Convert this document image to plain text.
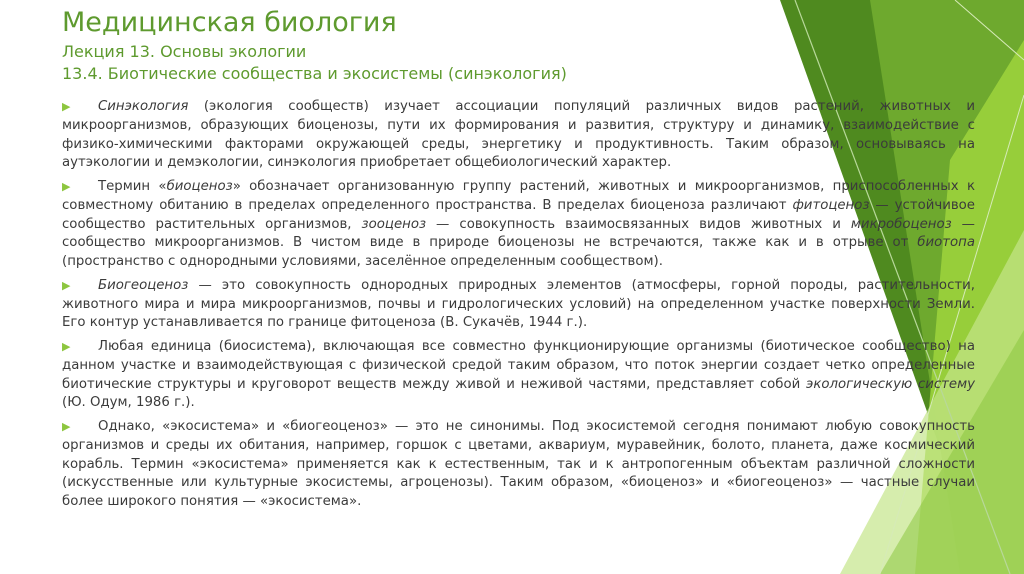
Медицинская биология
Лекция 13. Основы экологии
13.4. Биотические сообщества и экосистемы (синэкология)

▶ Синэкология (экология сообществ) изучает ассоциации популяций различных видов растений, животных и микроорганизмов, образующих биоценозы, пути их формирования и развития, структуру и динамику, взаимодействие с физико-химическими факторами окружающей среды, энергетику и продуктивность. Таким образом, основываясь на аутэкологии и демэкологии, синэкология приобретает общебиологический характер.

▶ Термин «биоценоз» обозначает организованную группу растений, животных и микроорганизмов, приспособленных к совместному обитанию в пределах определенного пространства. В пределах биоценоза различают фитоценоз — устойчивое сообщество растительных организмов, зооценоз — совокупность взаимосвязанных видов животных и микробоценоз — сообщество микроорганизмов. В чистом виде в природе биоценозы не встречаются, также как и в отрыве от биотопа (пространство с однородными условиями, заселённое определенным сообществом).

▶ Биогеоценоз — это совокупность однородных природных элементов (атмосферы, горной породы, растительности, животного мира и мира микроорганизмов, почвы и гидрологических условий) на определенном участке поверхности Земли. Его контур устанавливается по границе фитоценоза (В. Сукачёв, 1944 г.).

▶ Любая единица (биосистема), включающая все совместно функционирующие организмы (биотическое сообщество) на данном участке и взаимодействующая с физической средой таким образом, что поток энергии создает четко определенные биотические структуры и круговорот веществ между живой и неживой частями, представляет собой экологическую систему (Ю. Одум, 1986 г.).

▶ Однако, «экосистема» и «биогеоценоз» — это не синонимы. Под экосистемой сегодня понимают любую совокупность организмов и среды их обитания, например, горшок с цветами, аквариум, муравейник, болото, планета, даже космический корабль. Термин «экосистема» применяется как к естественным, так и к антропогенным объектам различной сложности (искусственные или культурные экосистемы, агроценозы). Таким образом, «биоценоз» и «биогеоценоз» — частные случаи более широкого понятия — «экосистема».
